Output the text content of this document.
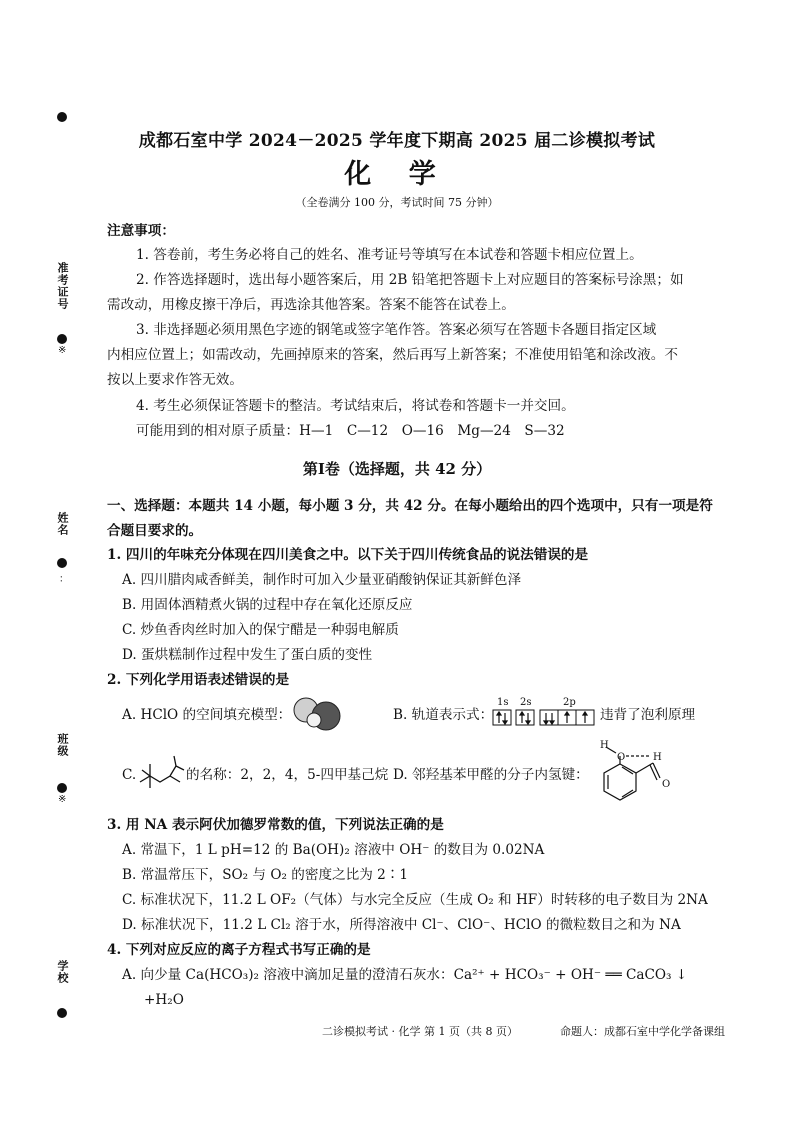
准考证号
※
姓名
：
班级
※
学校
成都石室中学 2024－2025 学年度下期高 2025 届二诊模拟考试
化 学
（全卷满分 100 分，考试时间 75 分钟）
注意事项：
1. 答卷前，考生务必将自己的姓名、准考证号等填写在本试卷和答题卡相应位置上。
2. 作答选择题时，选出每小题答案后，用 2B 铅笔把答题卡上对应题目的答案标号涂黑；如
需改动，用橡皮擦干净后，再选涂其他答案。答案不能答在试卷上。
3. 非选择题必须用黑色字迹的钢笔或签字笔作答。答案必须写在答题卡各题目指定区域
内相应位置上；如需改动，先画掉原来的答案，然后再写上新答案；不准使用铅笔和涂改液。不
按以上要求作答无效。
4. 考生必须保证答题卡的整洁。考试结束后，将试卷和答题卡一并交回。
可能用到的相对原子质量：H—1　C—12　O—16　Mg—24　S—32
第Ⅰ卷（选择题，共 42 分）
一、选择题：本题共 14 小题，每小题 3 分，共 42 分。在每小题给出的四个选项中，只有一项是符
合题目要求的。
1. 四川的年味充分体现在四川美食之中。以下关于四川传统食品的说法错误的是
A. 四川腊肉咸香鲜美，制作时可加入少量亚硝酸钠保证其新鲜色泽
B. 用固体酒精煮火锅的过程中存在氧化还原反应
C. 炒鱼香肉丝时加入的保宁醋是一种弱电解质
D. 蛋烘糕制作过程中发生了蛋白质的变性
2. 下列化学用语表述错误的是
A. HClO 的空间填充模型：	B. 轨道表示式：
1s 2s	2p
违背了泡利原理
C.	的名称：2，2，4，5-四甲基己烷 D. 邻羟基苯甲醛的分子内氢键：
H
O	H
O
3. 用 NA 表示阿伏加德罗常数的值，下列说法正确的是
A. 常温下，1 L pH=12 的 Ba(OH)₂ 溶液中 OH⁻ 的数目为 0.02NA
B. 常温常压下，SO₂ 与 O₂ 的密度之比为 2∶1
C. 标准状况下，11.2 L OF₂（气体）与水完全反应（生成 O₂ 和 HF）时转移的电子数目为 2NA
D. 标准状况下，11.2 L Cl₂ 溶于水，所得溶液中 Cl⁻、ClO⁻、HClO 的微粒数目之和为 NA
4. 下列对应反应的离子方程式书写正确的是
A. 向少量 Ca(HCO₃)₂ 溶液中滴加足量的澄清石灰水：Ca²⁺ + HCO₃⁻ + OH⁻ ══ CaCO₃ ↓
+H₂O
二诊模拟考试 · 化学 第 1 页（共 8 页）	命题人：成都石室中学化学备课组
